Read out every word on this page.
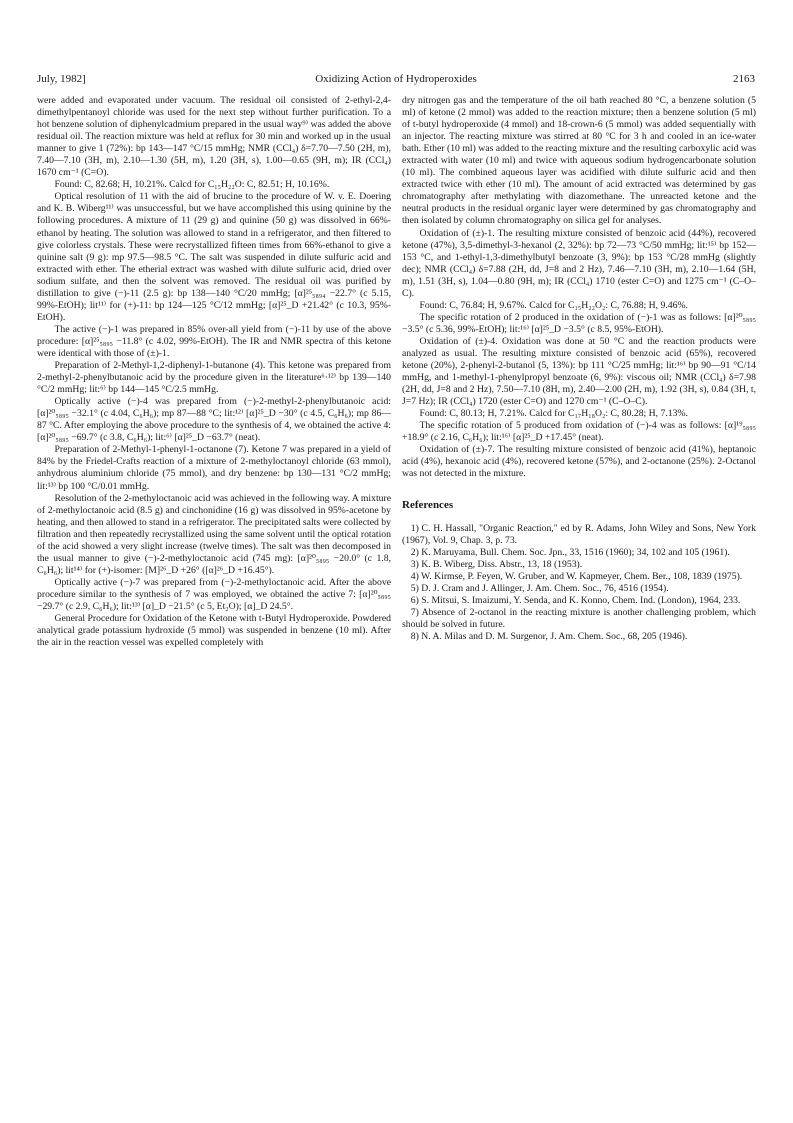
July, 1982]	Oxidizing Action of Hydroperoxides	2163

were added and evaporated under vacuum. The residual oil consisted of 2-ethyl-2,4-dimethylpentanoyl chloride was used for the next step without further purification. To a hot benzene solution of diphenylcadmium prepared in the usual way⁹⁾ was added the above residual oil. The reaction mixture was held at reflux for 30 min and worked up in the usual manner to give 1 (72%): bp 143—147 °C/15 mmHg; NMR (CCl₄) δ=7.70—7.50 (2H, m), 7.40—7.10 (3H, m), 2.10—1.30 (5H, m), 1.20 (3H, s), 1.00—0.65 (9H, m); IR (CCl₄) 1670 cm⁻¹ (C=O).

Found: C, 82.68; H, 10.21%. Calcd for C₁₅H₂₂O: C, 82.51; H, 10.16%.

Optical resolution of 11 with the aid of brucine to the procedure of W. v. E. Doering and K. B. Wiberg¹¹⁾ was unsuccessful, but we have accomplished this using quinine by the following procedures. A mixture of 11 (29 g) and quinine (50 g) was dissolved in 66%-ethanol by heating. The solution was allowed to stand in a refrigerator, and then filtered to give colorless crystals. These were recrystallized fifteen times from 66%-ethanol to give a quinine salt (9 g): mp 97.5—98.5 °C. The salt was suspended in dilute sulfuric acid and extracted with ether. The etherial extract was washed with dilute sulfuric acid, dried over sodium sulfate, and then the solvent was removed. The residual oil was purified by distillation to give (−)-11 (2.5 g): bp 138—140 °C/20 mmHg; [α]²⁵₅₈₉₄ −22.7° (c 5.15, 99%-EtOH); lit¹¹⁾ for (+)-11: bp 124—125 °C/12 mmHg; [α]²⁵_D +21.42° (c 10.3, 95%-EtOH).

The active (−)-1 was prepared in 85% over-all yield from (−)-11 by use of the above procedure: [α]²⁵₅₈₉₅ −11.8° (c 4.02, 99%-EtOH). The IR and NMR spectra of this ketone were identical with those of (±)-1.

Preparation of 2-Methyl-1,2-diphenyl-1-butanone (4). This ketone was prepared from 2-methyl-2-phenylbutanoic acid by the procedure given in the literature⁶·¹²⁾ bp 139—140 °C/2 mmHg; lit:⁶⁾ bp 144—145 °C/2.5 mmHg.

Optically active (−)-4 was prepared from (−)-2-methyl-2-phenylbutanoic acid: [α]²⁰₅₈₉₅ −32.1° (c 4.04, C₆H₆); mp 87—88 °C; lit:¹²⁾ [α]²⁵_D −30° (c 4.5, C₆H₆); mp 86—87 °C. After employing the above procedure to the synthesis of 4, we obtained the active 4: [α]²⁰₅₈₉₅ −69.7° (c 3.8, C₆H₆); lit:⁶⁾ [α]²⁵_D −63.7° (neat).

Preparation of 2-Methyl-1-phenyl-1-octanone (7). Ketone 7 was prepared in a yield of 84% by the Friedel-Crafts reaction of a mixture of 2-methyloctanoyl chloride (63 mmol), anhydrous aluminium chloride (75 mmol), and dry benzene: bp 130—131 °C/2 mmHg; lit:¹³⁾ bp 100 °C/0.01 mmHg.

Resolution of the 2-methyloctanoic acid was achieved in the following way. A mixture of 2-methyloctanoic acid (8.5 g) and cinchonidine (16 g) was dissolved in 95%-acetone by heating, and then allowed to stand in a refrigerator. The precipitated salts were collected by filtration and then repeatedly recrystallized using the same solvent until the optical rotation of the acid showed a very slight increase (twelve times). The salt was then decomposed in the usual manner to give (−)-2-methyloctanoic acid (745 mg): [α]²⁰₅₈₉₅ −20.0° (c 1.8, C₆H₆); lit¹⁴⁾ for (+)-isomer: [M]²⁶_D +26° ([α]²⁶_D +16.45°).

Optically active (−)-7 was prepared from (−)-2-methyloctanoic acid. After the above procedure similar to the synthesis of 7 was employed, we obtained the active 7: [α]²⁰₅₈₉₅ −29.7° (c 2.9, C₆H₆); lit:¹³⁾ [α]_D −21.5° (c 5, Et₂O); [α]_D 24.5°.

General Procedure for Oxidation of the Ketone with t-Butyl Hydroperoxide. Powdered analytical grade potassium hydroxide (5 mmol) was suspended in benzene (10 ml). After the air in the reaction vessel was expelled completely with

dry nitrogen gas and the temperature of the oil bath reached 80 °C, a benzene solution (5 ml) of ketone (2 mmol) was added to the reaction mixture; then a benzene solution (5 ml) of t-butyl hydroperoxide (4 mmol) and 18-crown-6 (5 mmol) was added sequentially with an injector. The reacting mixture was stirred at 80 °C for 3 h and cooled in an ice-water bath. Ether (10 ml) was added to the reacting mixture and the resulting carboxylic acid was extracted with water (10 ml) and twice with aqueous sodium hydrogencarbonate solution (10 ml). The combined aqueous layer was acidified with dilute sulfuric acid and then extracted twice with ether (10 ml). The amount of acid extracted was determined by gas chromatography after methylating with diazomethane. The unreacted ketone and the neutral products in the residual organic layer were determined by gas chromatography and then isolated by column chromatography on silica gel for analyses.

Oxidation of (±)-1. The resulting mixture consisted of benzoic acid (44%), recovered ketone (47%), 3,5-dimethyl-3-hexanol (2, 32%): bp 72—73 °C/50 mmHg; lit:¹⁵⁾ bp 152—153 °C, and 1-ethyl-1,3-dimethylbutyl benzoate (3, 9%): bp 153 °C/28 mmHg (slightly dec); NMR (CCl₄) δ=7.88 (2H, dd, J=8 and 2 Hz), 7.46—7.10 (3H, m), 2.10—1.64 (5H, m), 1.51 (3H, s), 1.04—0.80 (9H, m); IR (CCl₄) 1710 (ester C=O) and 1275 cm⁻¹ (C–O–C).

Found: C, 76.84; H, 9.67%. Calcd for C₁₅H₂₂O₂: C, 76.88; H, 9.46%.

The specific rotation of 2 produced in the oxidation of (−)-1 was as follows: [α]²⁰₅₈₉₅ −3.5° (c 5.36, 99%-EtOH); lit:¹⁶⁾ [α]²⁵_D −3.5° (c 8.5, 95%-EtOH).

Oxidation of (±)-4. Oxidation was done at 50 °C and the reaction products were analyzed as usual. The resulting mixture consisted of benzoic acid (65%), recovered ketone (20%), 2-phenyl-2-butanol (5, 13%): bp 111 °C/25 mmHg; lit:¹⁶⁾ bp 90—91 °C/14 mmHg, and 1-methyl-1-phenylpropyl benzoate (6, 9%): viscous oil; NMR (CCl₄) δ=7.98 (2H, dd, J=8 and 2 Hz), 7.50—7.10 (8H, m), 2.40—2.00 (2H, m), 1.92 (3H, s), 0.84 (3H, t, J=7 Hz); IR (CCl₄) 1720 (ester C=O) and 1270 cm⁻¹ (C–O–C).

Found: C, 80.13; H, 7.21%. Calcd for C₁₇H₁₈O₂: C, 80.28; H, 7.13%.

The specific rotation of 5 produced from oxidation of (−)-4 was as follows: [α]¹⁹₅₈₉₅ +18.9° (c 2.16, C₆H₆); lit:¹⁶⁾ [α]²⁵_D +17.45° (neat).

Oxidation of (±)-7. The resulting mixture consisted of benzoic acid (41%), heptanoic acid (4%), hexanoic acid (4%), recovered ketone (57%), and 2-octanone (25%). 2-Octanol was not detected in the mixture.

References

1) C. H. Hassall, "Organic Reaction," ed by R. Adams, John Wiley and Sons, New York (1967), Vol. 9, Chap. 3, p. 73.

2) K. Maruyama, Bull. Chem. Soc. Jpn., 33, 1516 (1960); 34, 102 and 105 (1961).

3) K. B. Wiberg, Diss. Abstr., 13, 18 (1953).

4) W. Kirmse, P. Feyen, W. Gruber, and W. Kapmeyer, Chem. Ber., 108, 1839 (1975).

5) D. J. Cram and J. Allinger, J. Am. Chem. Soc., 76, 4516 (1954).

6) S. Mitsui, S. Imaizumi, Y. Senda, and K. Konno, Chem. Ind. (London), 1964, 233.

7) Absence of 2-octanol in the reacting mixture is another challenging problem, which should be solved in future.

8) N. A. Milas and D. M. Surgenor, J. Am. Chem. Soc., 68, 205 (1946).
